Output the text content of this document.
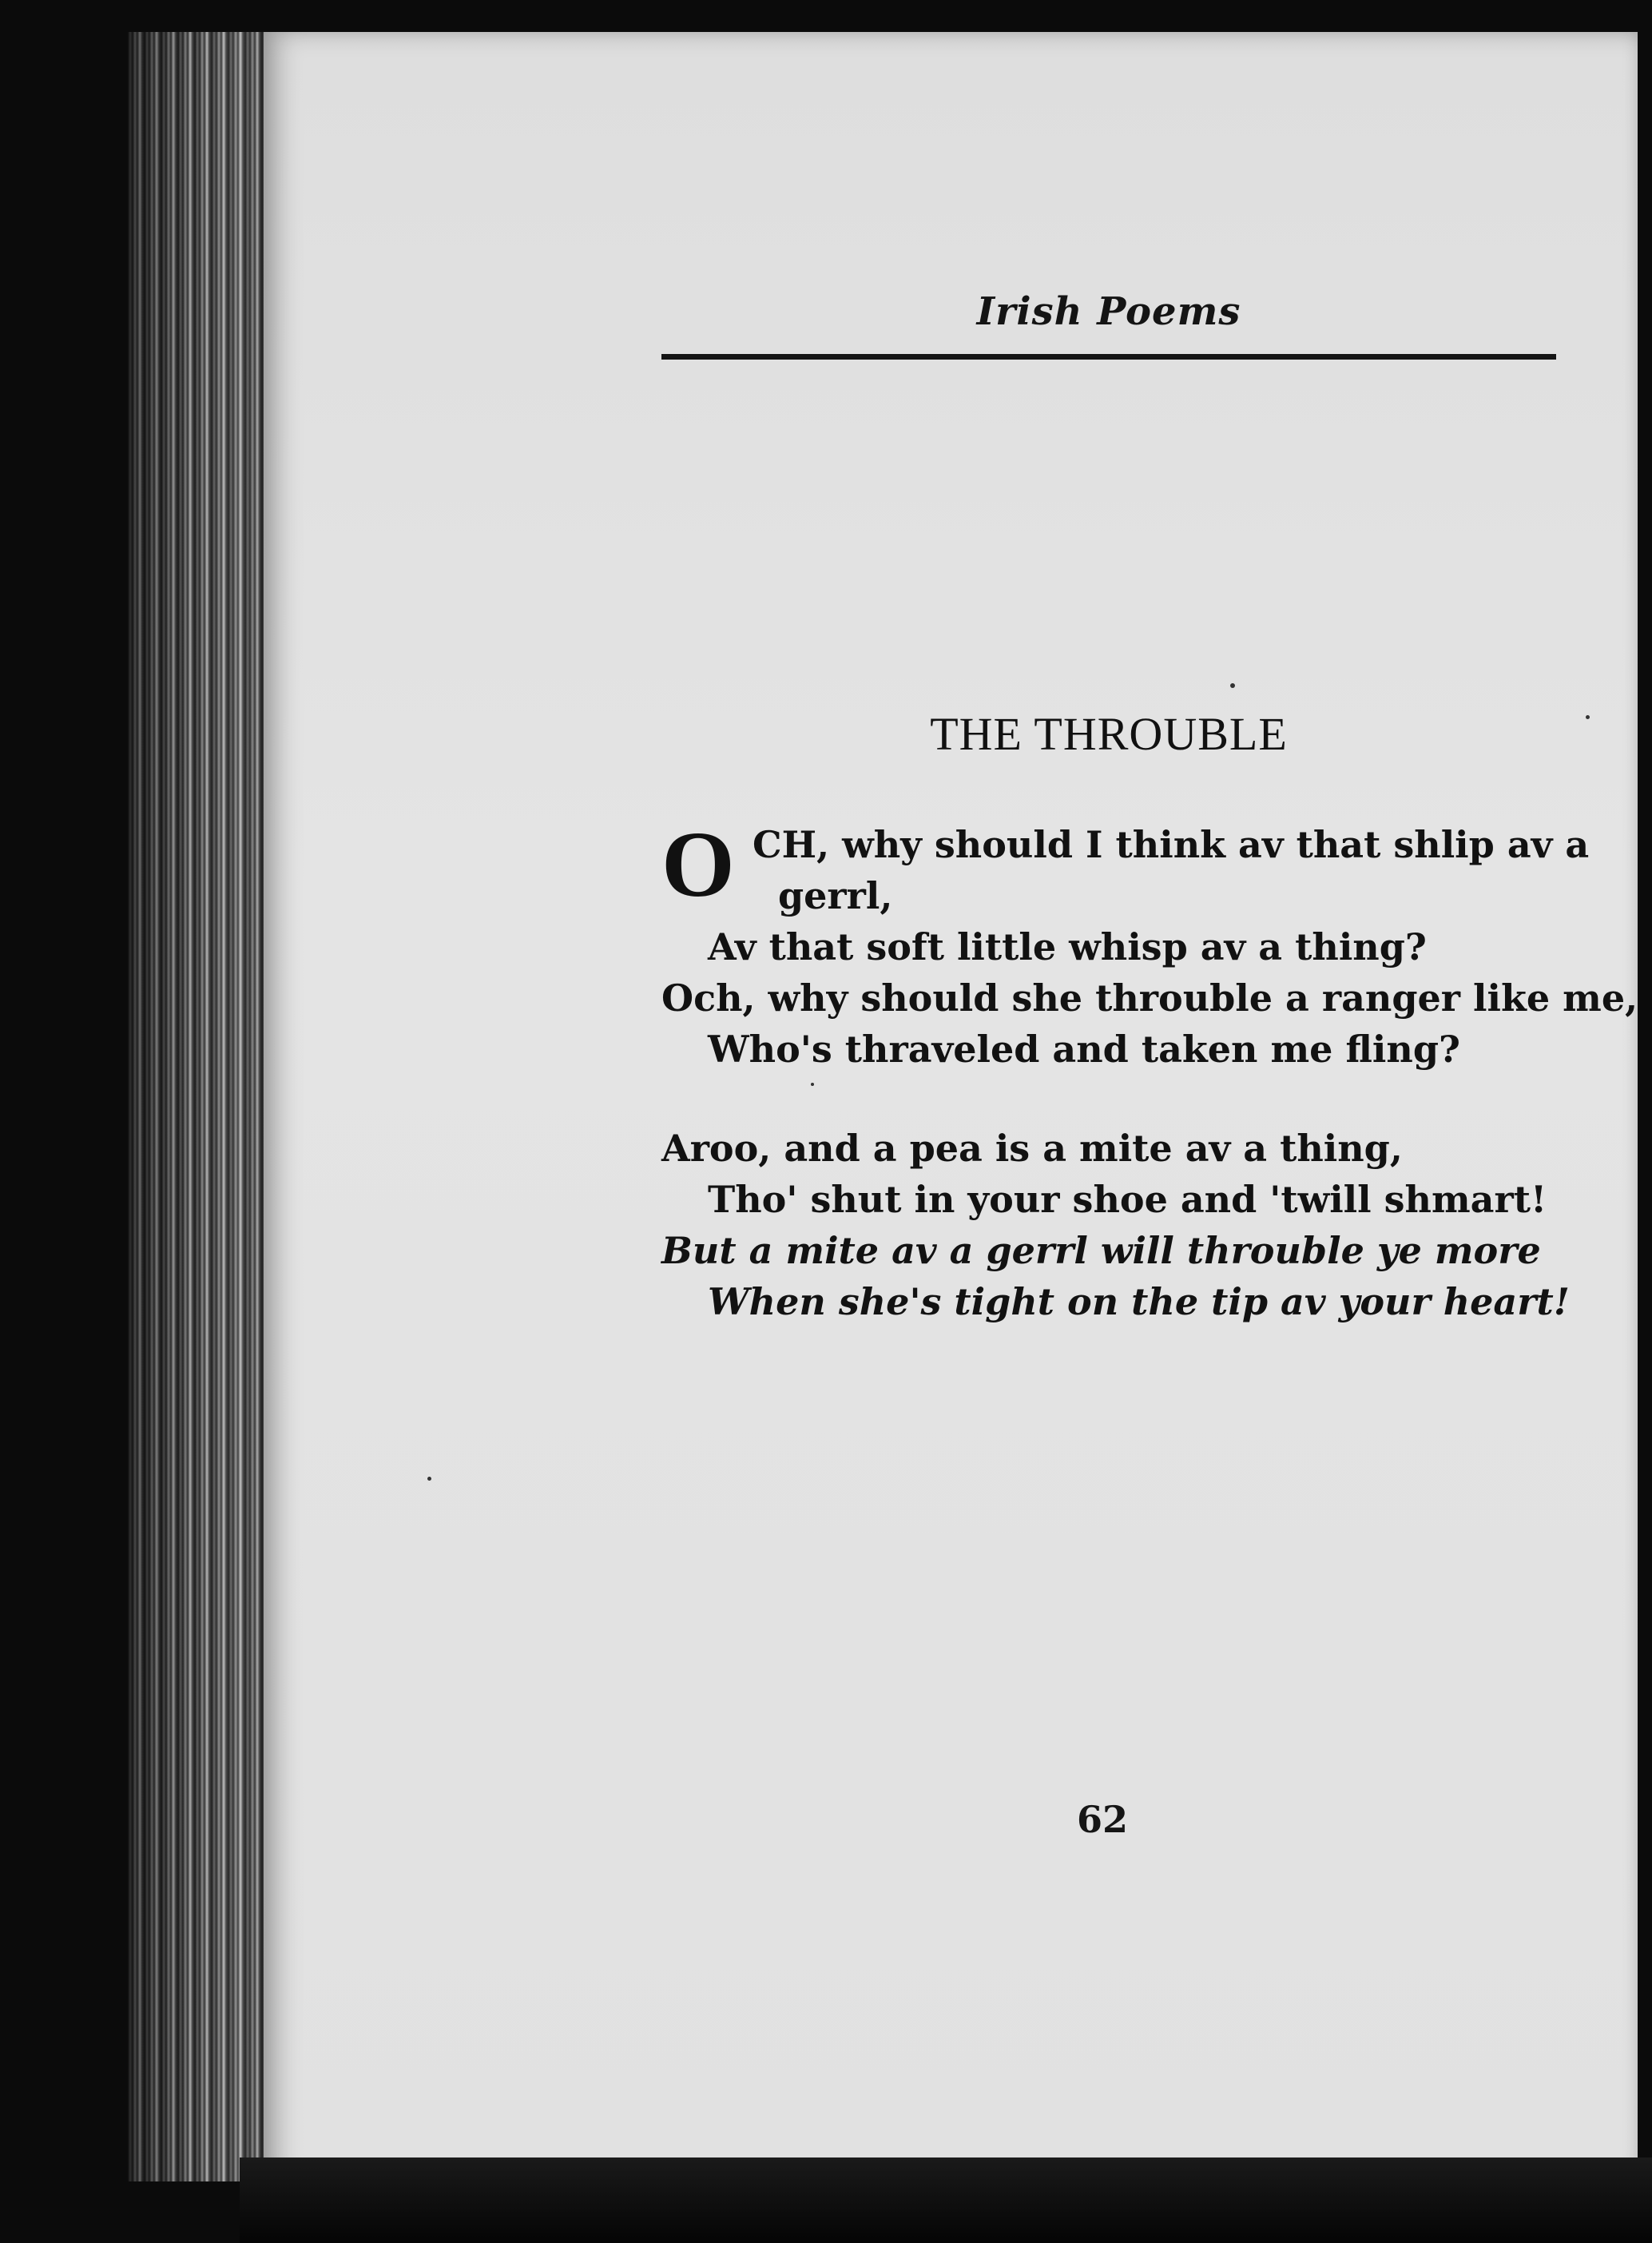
Irish Poems
THE THROUBLE
O CH, why should I think av that shlip av a
gerrl,
Av that soft little whisp av a thing?
Och, why should she throuble a ranger like me,
Who's thraveled and taken me fling?
Aroo, and a pea is a mite av a thing,
Tho' shut in your shoe and 'twill shmart!
But a mite av a gerrl will throuble ye more
When she's tight on the tip av your heart!
62
